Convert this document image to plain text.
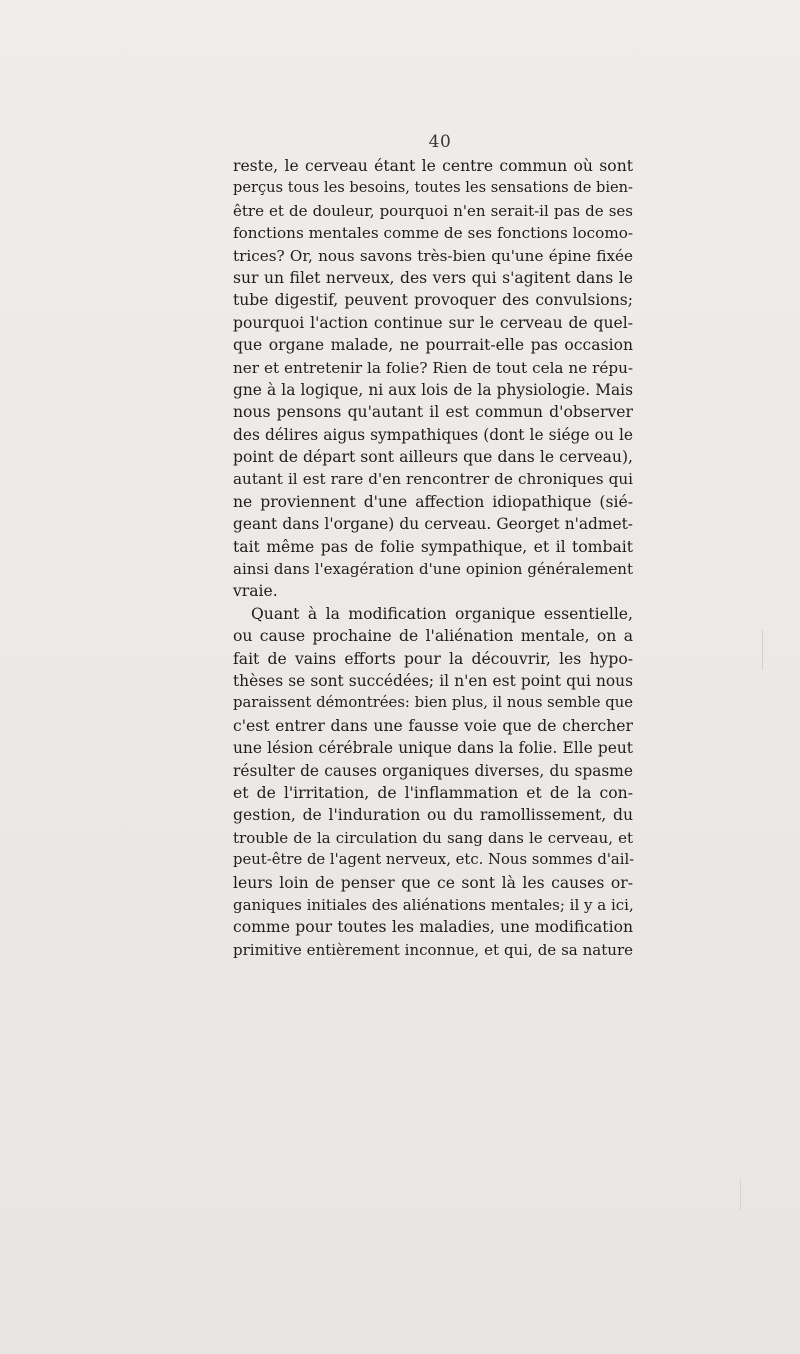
40
reste, le cerveau étant le centre commun où sont
perçus tous les besoins, toutes les sensations de bien-
être et de douleur, pourquoi n'en serait-il pas de ses
fonctions mentales comme de ses fonctions locomo-
trices? Or, nous savons très-bien qu'une épine fixée
sur un filet nerveux, des vers qui s'agitent dans le
tube digestif, peuvent provoquer des convulsions;
pourquoi l'action continue sur le cerveau de quel-
que organe malade, ne pourrait-elle pas occasion
ner et entretenir la folie? Rien de tout cela ne répu-
gne à la logique, ni aux lois de la physiologie. Mais
nous pensons qu'autant il est commun d'observer
des délires aigus sympathiques (dont le siége ou le
point de départ sont ailleurs que dans le cerveau),
autant il est rare d'en rencontrer de chroniques qui
ne proviennent d'une affection idiopathique (sié-
geant dans l'organe) du cerveau. Georget n'admet-
tait même pas de folie sympathique, et il tombait
ainsi dans l'exagération d'une opinion généralement
vraie.
Quant à la modification organique essentielle,
ou cause prochaine de l'aliénation mentale, on a
fait de vains efforts pour la découvrir, les hypo-
thèses se sont succédées; il n'en est point qui nous
paraissent démontrées: bien plus, il nous semble que
c'est entrer dans une fausse voie que de chercher
une lésion cérébrale unique dans la folie. Elle peut
résulter de causes organiques diverses, du spasme
et de l'irritation, de l'inflammation et de la con-
gestion, de l'induration ou du ramollissement, du
trouble de la circulation du sang dans le cerveau, et
peut-être de l'agent nerveux, etc. Nous sommes d'ail-
leurs loin de penser que ce sont là les causes or-
ganiques initiales des aliénations mentales; il y a ici,
comme pour toutes les maladies, une modification
primitive entièrement inconnue, et qui, de sa nature
